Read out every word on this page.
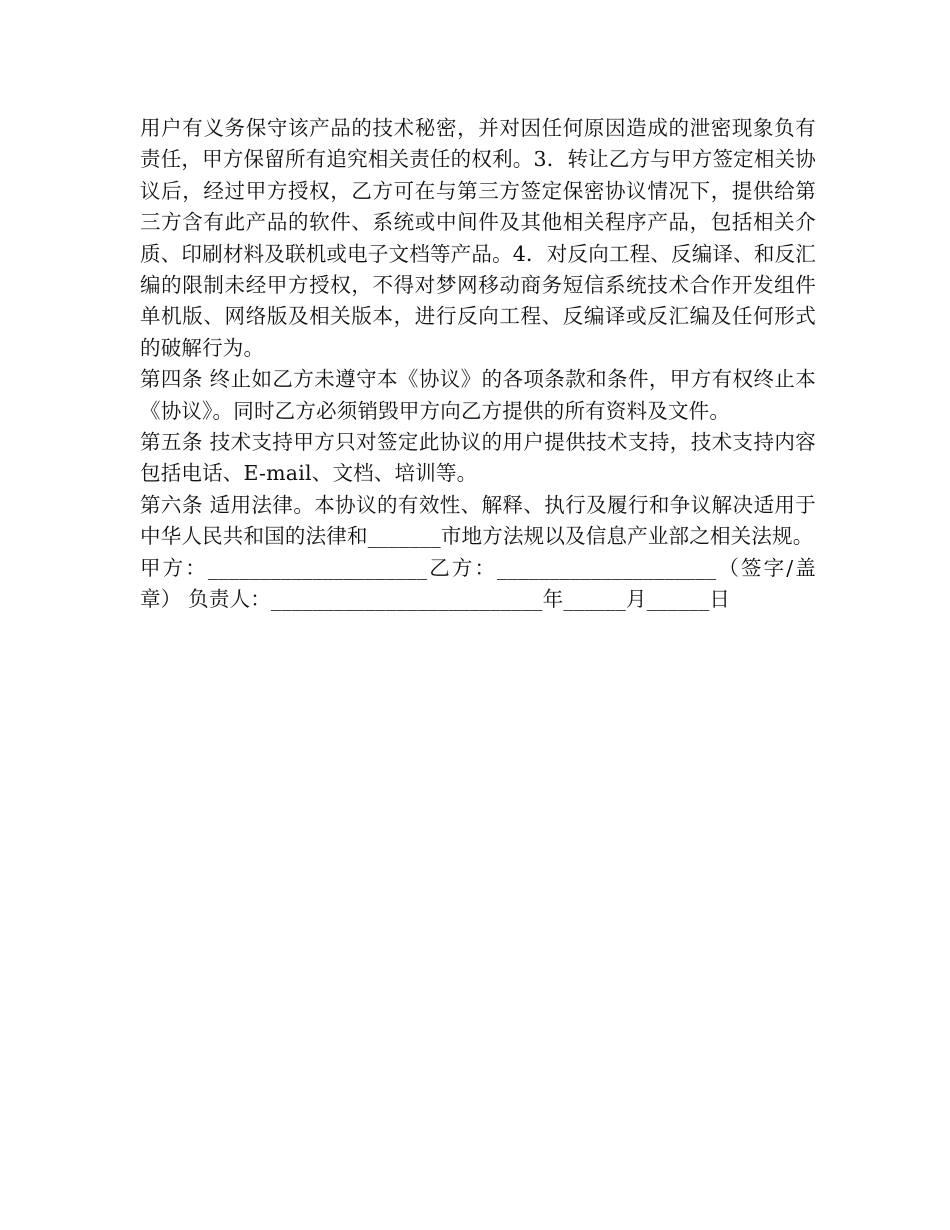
用户有义务保守该产品的技术秘密，并对因任何原因造成的泄密现象负有责任，甲方保留所有追究相关责任的权利。3．转让乙方与甲方签定相关协议后，经过甲方授权，乙方可在与第三方签定保密协议情况下，提供给第三方含有此产品的软件、系统或中间件及其他相关程序产品，包括相关介质、印刷材料及联机或电子文档等产品。4．对反向工程、反编译、和反汇编的限制未经甲方授权，不得对梦网移动商务短信系统技术合作开发组件单机版、网络版及相关版本，进行反向工程、反编译或反汇编及任何形式的破解行为。

第四条 终止如乙方未遵守本《协议》的各项条款和条件，甲方有权终止本《协议》。同时乙方必须销毁甲方向乙方提供的所有资料及文件。

第五条 技术支持甲方只对签定此协议的用户提供技术支持，技术支持内容包括电话、E-mail、文档、培训等。

第六条 适用法律。本协议的有效性、解释、执行及履行和争议解决适用于中华人民共和国的法律和_______市地方法规以及信息产业部之相关法规。

甲方：_____________________乙方：_____________________（签字/盖章） 负责人：__________________________年______月______日
